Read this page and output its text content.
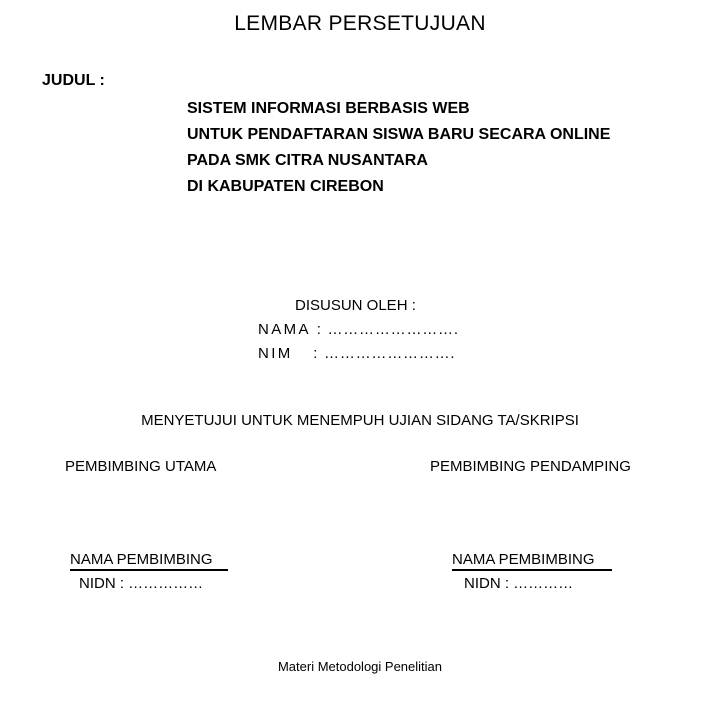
LEMBAR PERSETUJUAN
JUDUL :
SISTEM INFORMASI BERBASIS WEB
UNTUK PENDAFTARAN SISWA BARU SECARA ONLINE
PADA SMK CITRA NUSANTARA
DI KABUPATEN CIREBON
DISUSUN OLEH :
NAMA : …………………….
NIM : …………………….
MENYETUJUI UNTUK MENEMPUH UJIAN SIDANG TA/SKRIPSI
PEMBIMBING UTAMA	PEMBIMBING PENDAMPING
NAMA PEMBIMBING
NIDN : ……………
NAMA PEMBIMBING
NIDN : …………
Materi Metodologi Penelitian
